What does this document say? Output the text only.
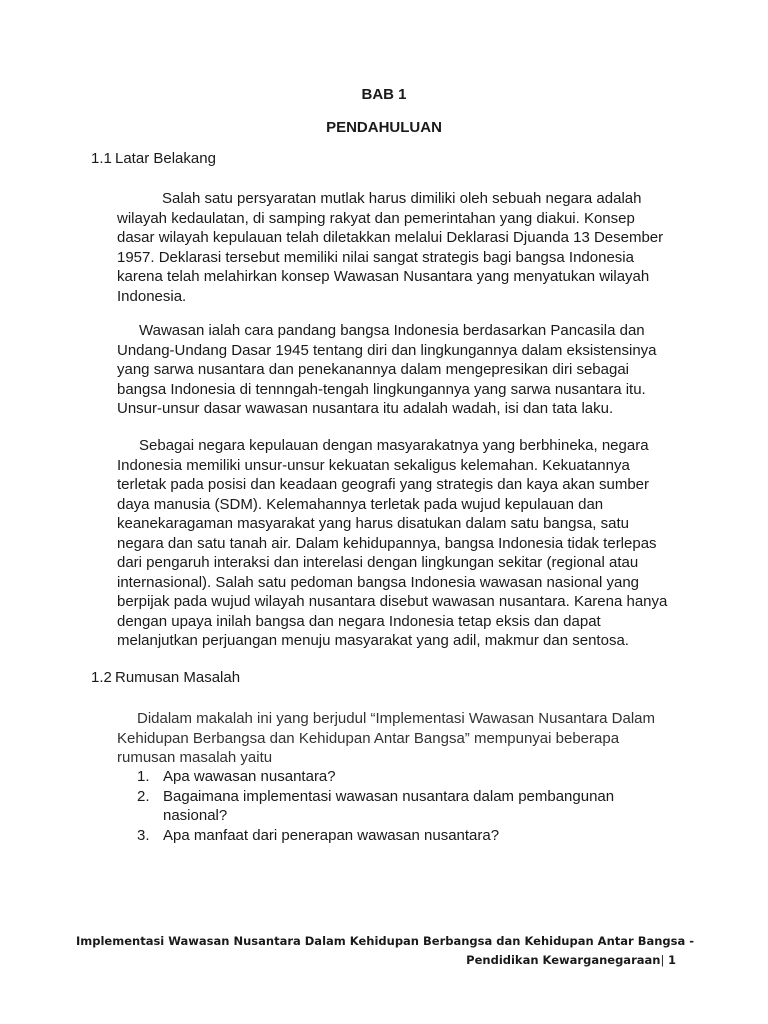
BAB 1
PENDAHULUAN
1.1 Latar Belakang

Salah satu persyaratan mutlak harus dimiliki oleh sebuah negara adalah wilayah kedaulatan, di samping rakyat dan pemerintahan yang diakui. Konsep dasar wilayah kepulauan telah diletakkan melalui Deklarasi Djuanda 13 Desember 1957. Deklarasi tersebut memiliki nilai sangat strategis bagi bangsa Indonesia karena telah melahirkan konsep Wawasan Nusantara yang menyatukan wilayah Indonesia.

Wawasan ialah cara pandang bangsa Indonesia berdasarkan Pancasila dan Undang-Undang Dasar 1945 tentang diri dan lingkungannya dalam eksistensinya yang sarwa nusantara dan penekanannya dalam mengepresikan diri sebagai bangsa Indonesia di tennngah-tengah lingkungannya yang sarwa nusantara itu. Unsur-unsur dasar wawasan nusantara itu adalah wadah, isi dan tata laku.

Sebagai negara kepulauan dengan masyarakatnya yang berbhineka, negara Indonesia memiliki unsur-unsur kekuatan sekaligus kelemahan. Kekuatannya terletak pada posisi dan keadaan geografi yang strategis dan kaya akan sumber daya manusia (SDM). Kelemahannya terletak pada wujud kepulauan dan keanekaragaman masyarakat yang harus disatukan dalam satu bangsa, satu negara dan satu tanah air. Dalam kehidupannya, bangsa Indonesia tidak terlepas dari pengaruh interaksi dan interelasi dengan lingkungan sekitar (regional atau internasional). Salah satu pedoman bangsa Indonesia wawasan nasional yang berpijak pada wujud wilayah nusantara disebut wawasan nusantara. Karena hanya dengan upaya inilah bangsa dan negara Indonesia tetap eksis dan dapat melanjutkan perjuangan menuju masyarakat yang adil, makmur dan sentosa.

1.2 Rumusan Masalah

Didalam makalah ini yang berjudul “Implementasi Wawasan Nusantara Dalam Kehidupan Berbangsa dan Kehidupan Antar Bangsa” mempunyai beberapa rumusan masalah yaitu

1. Apa wawasan nusantara?
2. Bagaimana implementasi wawasan nusantara dalam pembangunan nasional?
3. Apa manfaat dari penerapan wawasan nusantara?
Implementasi Wawasan Nusantara Dalam Kehidupan Berbangsa dan Kehidupan Antar Bangsa -
Pendidikan Kewarganegaraan| 1
